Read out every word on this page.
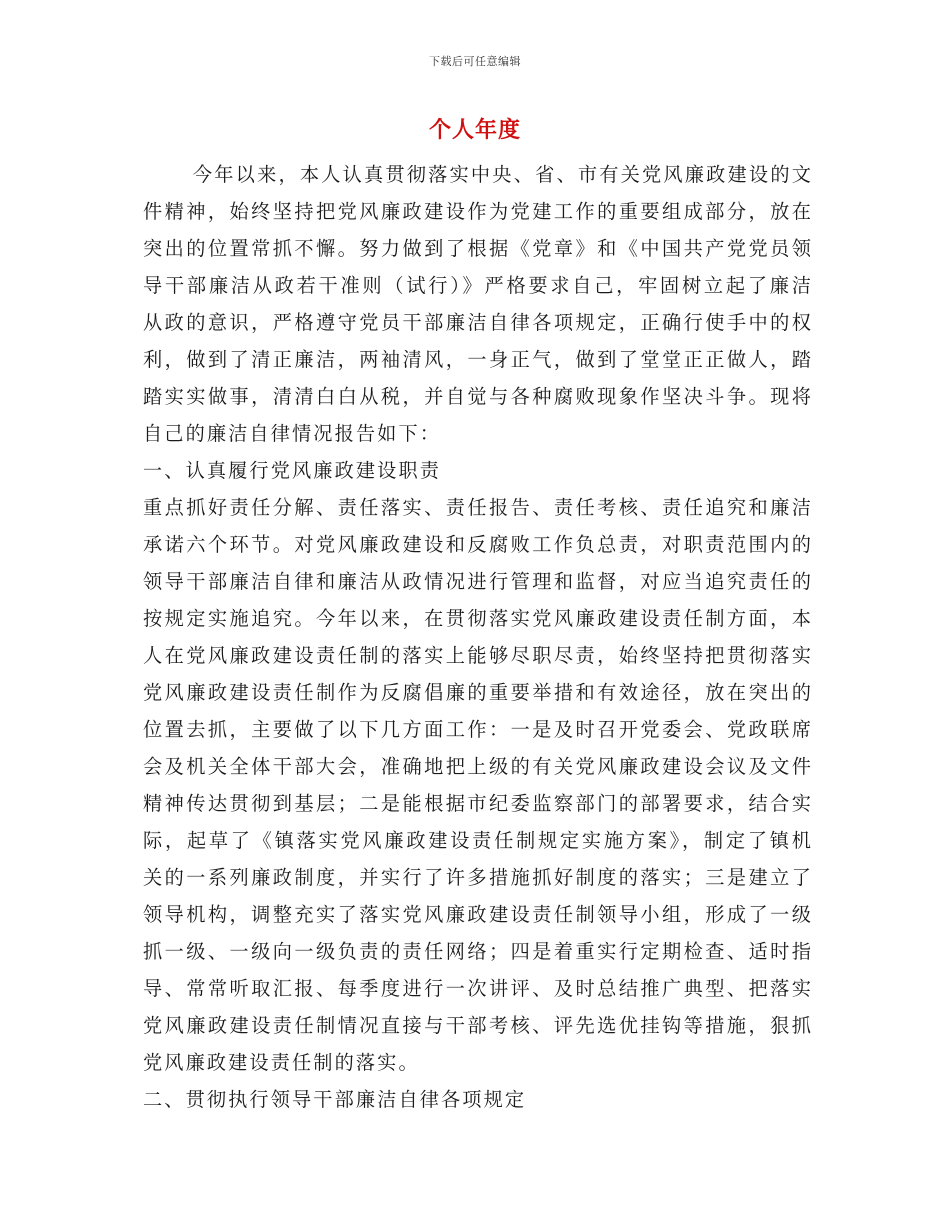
下载后可任意编辑
个人年度

今年以来，本人认真贯彻落实中央、省、市有关党风廉政建设的文件精神，始终坚持把党风廉政建设作为党建工作的重要组成部分，放在突出的位置常抓不懈。努力做到了根据《党章》和《中国共产党党员领导干部廉洁从政若干准则（试行）》严格要求自己，牢固树立起了廉洁从政的意识，严格遵守党员干部廉洁自律各项规定，正确行使手中的权利，做到了清正廉洁，两袖清风，一身正气，做到了堂堂正正做人，踏踏实实做事，清清白白从税，并自觉与各种腐败现象作坚决斗争。现将自己的廉洁自律情况报告如下：

一、认真履行党风廉政建设职责

重点抓好责任分解、责任落实、责任报告、责任考核、责任追究和廉洁承诺六个环节。对党风廉政建设和反腐败工作负总责，对职责范围内的领导干部廉洁自律和廉洁从政情况进行管理和监督，对应当追究责任的按规定实施追究。今年以来，在贯彻落实党风廉政建设责任制方面，本人在党风廉政建设责任制的落实上能够尽职尽责，始终坚持把贯彻落实党风廉政建设责任制作为反腐倡廉的重要举措和有效途径，放在突出的位置去抓，主要做了以下几方面工作：一是及时召开党委会、党政联席会及机关全体干部大会，准确地把上级的有关党风廉政建设会议及文件精神传达贯彻到基层；二是能根据市纪委监察部门的部署要求，结合实际，起草了《镇落实党风廉政建设责任制规定实施方案》，制定了镇机关的一系列廉政制度，并实行了许多措施抓好制度的落实；三是建立了领导机构，调整充实了落实党风廉政建设责任制领导小组，形成了一级抓一级、一级向一级负责的责任网络；四是着重实行定期检查、适时指导、常常听取汇报、每季度进行一次讲评、及时总结推广典型、把落实党风廉政建设责任制情况直接与干部考核、评先选优挂钩等措施，狠抓党风廉政建设责任制的落实。

二、贯彻执行领导干部廉洁自律各项规定
